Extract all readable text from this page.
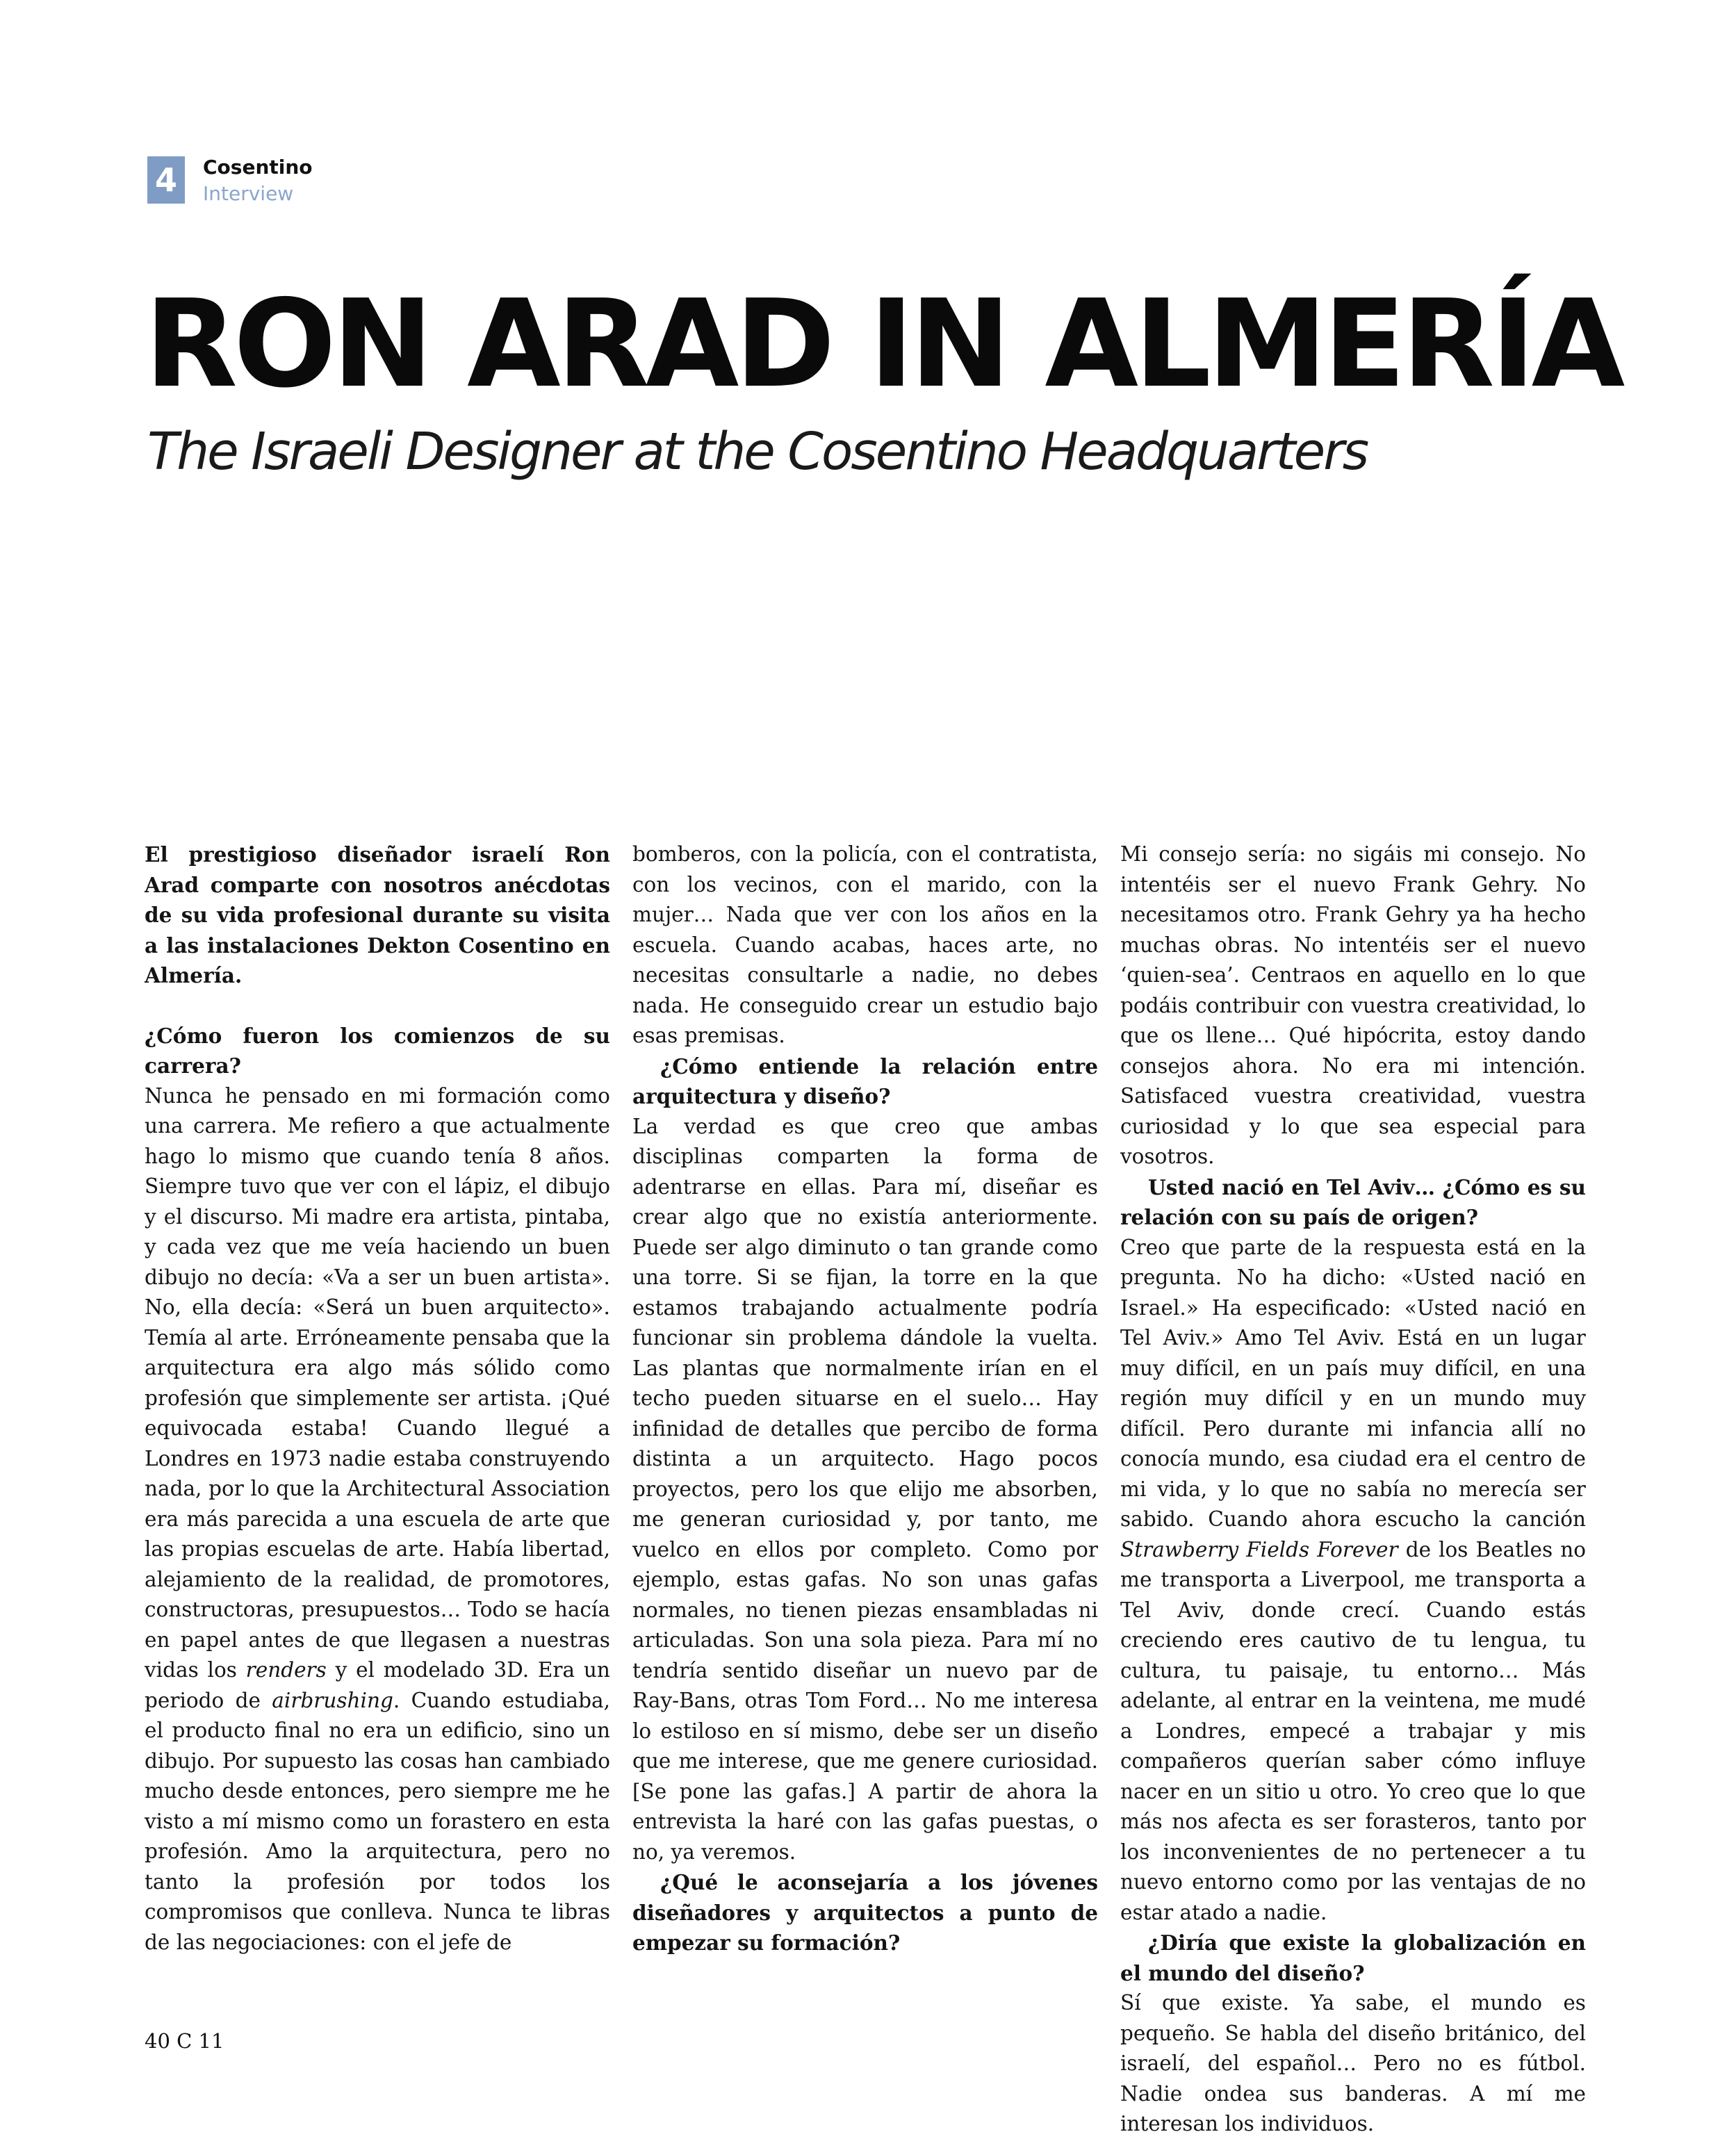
4	Cosentino
Interview
RON ARAD IN ALMERÍA
The Israeli Designer at the Cosentino Headquarters

El prestigioso diseñador israelí Ron Arad comparte con nosotros anécdotas de su vida profesional durante su visita a las instalaciones Dekton Cosentino en Almería.

¿Cómo fueron los comienzos de su carrera?

Nunca he pensado en mi formación como una carrera. Me refiero a que actualmente hago lo mismo que cuando tenía 8 años. Siempre tuvo que ver con el lápiz, el dibujo y el discurso. Mi madre era artista, pintaba, y cada vez que me veía haciendo un buen dibujo no decía: «Va a ser un buen artista». No, ella decía: «Será un buen arquitecto». Temía al arte. Erróneamente pensaba que la arquitectura era algo más sólido como profesión que simplemente ser artista. ¡Qué equivocada estaba! Cuando llegué a Londres en 1973 nadie estaba construyendo nada, por lo que la Architectural Association era más parecida a una escuela de arte que las propias escuelas de arte. Había libertad, alejamiento de la realidad, de promotores, constructoras, presupuestos… Todo se hacía en papel antes de que llegasen a nuestras vidas los renders y el modelado 3D. Era un periodo de airbrushing. Cuando estudiaba, el producto final no era un edificio, sino un dibujo. Por supuesto las cosas han cambiado mucho desde entonces, pero siempre me he visto a mí mismo como un forastero en esta profesión. Amo la arquitectura, pero no tanto la profesión por todos los compromisos que conlleva. Nunca te libras de las negociaciones: con el jefe de

bomberos, con la policía, con el contratista, con los vecinos, con el marido, con la mujer… Nada que ver con los años en la escuela. Cuando acabas, haces arte, no necesitas consultarle a nadie, no debes nada. He conseguido crear un estudio bajo esas premisas.

¿Cómo entiende la relación entre arquitectura y diseño?

La verdad es que creo que ambas disciplinas comparten la forma de adentrarse en ellas. Para mí, diseñar es crear algo que no existía anteriormente. Puede ser algo diminuto o tan grande como una torre. Si se fijan, la torre en la que estamos trabajando actualmente podría funcionar sin problema dándole la vuelta. Las plantas que normalmente irían en el techo pueden situarse en el suelo… Hay infinidad de detalles que percibo de forma distinta a un arquitecto. Hago pocos proyectos, pero los que elijo me absorben, me generan curiosidad y, por tanto, me vuelco en ellos por completo. Como por ejemplo, estas gafas. No son unas gafas normales, no tienen piezas ensambladas ni articuladas. Son una sola pieza. Para mí no tendría sentido diseñar un nuevo par de Ray-Bans, otras Tom Ford… No me interesa lo estiloso en sí mismo, debe ser un diseño que me interese, que me genere curiosidad. [Se pone las gafas.] A partir de ahora la entrevista la haré con las gafas puestas, o no, ya veremos.

¿Qué le aconsejaría a los jóvenes diseñadores y arquitectos a punto de empezar su formación?

Mi consejo sería: no sigáis mi consejo. No intentéis ser el nuevo Frank Gehry. No necesitamos otro. Frank Gehry ya ha hecho muchas obras. No intentéis ser el nuevo ‘quien-sea’. Centraos en aquello en lo que podáis contribuir con vuestra creatividad, lo que os llene… Qué hipócrita, estoy dando consejos ahora. No era mi intención. Satisfaced vuestra creatividad, vuestra curiosidad y lo que sea especial para vosotros.

Usted nació en Tel Aviv… ¿Cómo es su relación con su país de origen?

Creo que parte de la respuesta está en la pregunta. No ha dicho: «Usted nació en Israel.» Ha especificado: «Usted nació en Tel Aviv.» Amo Tel Aviv. Está en un lugar muy difícil, en un país muy difícil, en una región muy difícil y en un mundo muy difícil. Pero durante mi infancia allí no conocía mundo, esa ciudad era el centro de mi vida, y lo que no sabía no merecía ser sabido. Cuando ahora escucho la canción Strawberry Fields Forever de los Beatles no me transporta a Liverpool, me transporta a Tel Aviv, donde crecí. Cuando estás creciendo eres cautivo de tu lengua, tu cultura, tu paisaje, tu entorno… Más adelante, al entrar en la veintena, me mudé a Londres, empecé a trabajar y mis compañeros querían saber cómo influye nacer en un sitio u otro. Yo creo que lo que más nos afecta es ser forasteros, tanto por los inconvenientes de no pertenecer a tu nuevo entorno como por las ventajas de no estar atado a nadie.

¿Diría que existe la globalización en el mundo del diseño?

Sí que existe. Ya sabe, el mundo es pequeño. Se habla del diseño británico, del israelí, del español… Pero no es fútbol. Nadie ondea sus banderas. A mí me interesan los individuos.

40 C 11
